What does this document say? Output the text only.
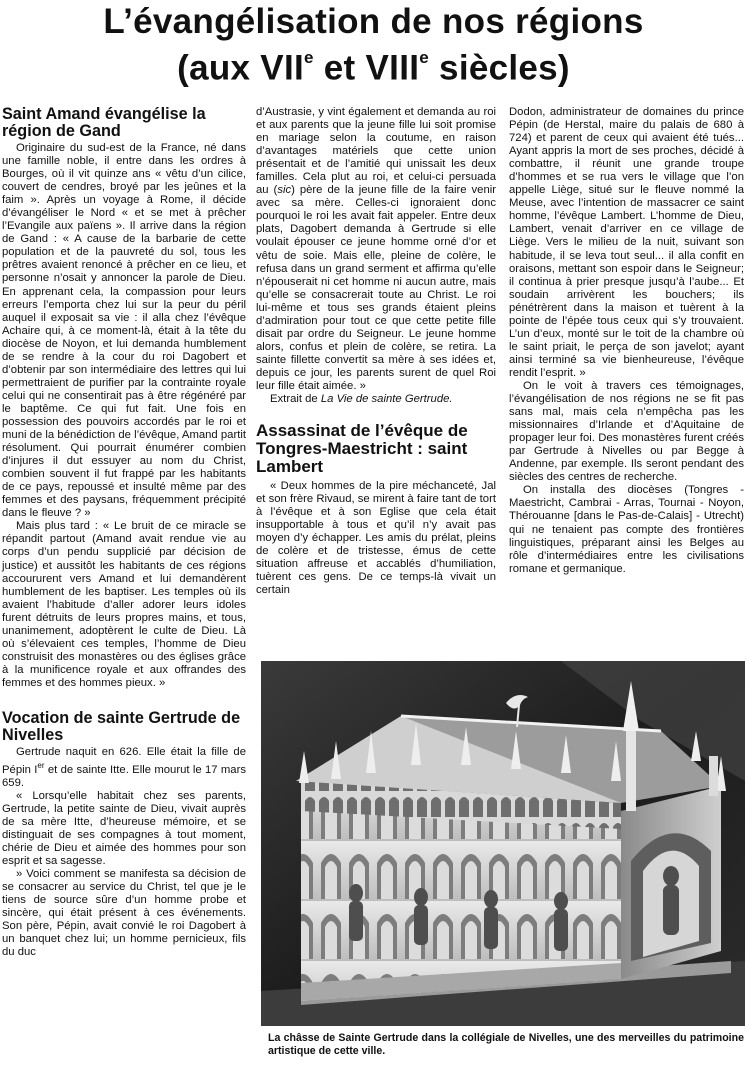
L’évangélisation de nos régions
(aux VIIe et VIIIe siècles)
Saint Amand évangélise la région de Gand

Originaire du sud-est de la France, né dans une famille noble, il entre dans les ordres à Bourges, où il vit quinze ans « vêtu d’un cilice, couvert de cendres, broyé par les jeûnes et la faim ». Après un voyage à Rome, il décide d’évangéliser le Nord « et se met à prêcher l’Evangile aux païens ». Il arrive dans la région de Gand : « A cause de la barbarie de cette population et de la pauvreté du sol, tous les prêtres avaient renoncé à prêcher en ce lieu, et personne n’osait y annoncer la parole de Dieu. En apprenant cela, la compassion pour leurs erreurs l’emporta chez lui sur la peur du péril auquel il exposait sa vie : il alla chez l’évêque Achaire qui, à ce moment-là, était à la tête du diocèse de Noyon, et lui demanda humblement de se rendre à la cour du roi Dagobert et d’obtenir par son intermédiaire des lettres qui lui permettraient de purifier par la contrainte royale celui qui ne consentirait pas à être régénéré par le baptême. Ce qui fut fait. Une fois en possession des pouvoirs accordés par le roi et muni de la bénédiction de l’évêque, Amand partit résolument. Qui pourrait énumérer combien d’injures il dut essuyer au nom du Christ, combien souvent il fut frappé par les habitants de ce pays, repoussé et insulté même par des femmes et des paysans, fréquemment précipité dans le fleuve ? »

Mais plus tard : « Le bruit de ce miracle se répandit partout (Amand avait rendue vie au corps d’un pendu supplicié par décision de justice) et aussitôt les habitants de ces régions accoururent vers Amand et lui demandèrent humblement de les baptiser. Les temples où ils avaient l’habitude d’aller adorer leurs idoles furent détruits de leurs propres mains, et tous, unanimement, adoptèrent le culte de Dieu. Là où s’élevaient ces temples, l’homme de Dieu construisit des monastères ou des églises grâce à la munificence royale et aux offrandes des femmes et des hommes pieux. »

Vocation de sainte Gertrude de Nivelles

Gertrude naquit en 626. Elle était la fille de Pépin Ier et de sainte Itte. Elle mourut le 17 mars 659.

« Lorsqu’elle habitait chez ses parents, Gertrude, la petite sainte de Dieu, vivait auprès de sa mère Itte, d’heureuse mémoire, et se distinguait de ses compagnes à tout moment, chérie de Dieu et aimée des hommes pour son esprit et sa sagesse.

» Voici comment se manifesta sa décision de se consacrer au service du Christ, tel que je le tiens de source sûre d’un homme probe et sincère, qui était présent à ces événements. Son père, Pépin, avait convié le roi Dagobert à un banquet chez lui; un homme pernicieux, fils du duc

d’Austrasie, y vint également et demanda au roi et aux parents que la jeune fille lui soit promise en mariage selon la coutume, en raison d’avantages matériels que cette union présentait et de l’amitié qui unissait les deux familles. Cela plut au roi, et celui-ci persuada au (sic) père de la jeune fille de la faire venir avec sa mère. Celles-ci ignoraient donc pourquoi le roi les avait fait appeler. Entre deux plats, Dagobert demanda à Gertrude si elle voulait épouser ce jeune homme orné d’or et vêtu de soie. Mais elle, pleine de colère, le refusa dans un grand serment et affirma qu’elle n’épouserait ni cet homme ni aucun autre, mais qu’elle se consacrerait toute au Christ. Le roi lui-même et tous ses grands étaient pleins d’admiration pour tout ce que cette petite fille disait par ordre du Seigneur. Le jeune homme alors, confus et plein de colère, se retira. La sainte fillette convertit sa mère à ses idées et, depuis ce jour, les parents surent de quel Roi leur fille était aimée. »

Extrait de La Vie de sainte Gertrude.

Assassinat de l’évêque de Tongres-Maestricht : saint Lambert

« Deux hommes de la pire méchanceté, Jal et son frère Rivaud, se mirent à faire tant de tort à l’évêque et à son Eglise que cela était insupportable à tous et qu’il n’y avait pas moyen d’y échapper. Les amis du prélat, pleins de colère et de tristesse, émus de cette situation affreuse et accablés d’humiliation, tuèrent ces gens. De ce temps-là vivait un certain

Dodon, administrateur de domaines du prince Pépin (de Herstal, maire du palais de 680 à 724) et parent de ceux qui avaient été tués... Ayant appris la mort de ses proches, décidé à combattre, il réunit une grande troupe d’hommes et se rua vers le village que l’on appelle Liège, situé sur le fleuve nommé la Meuse, avec l’intention de massacrer ce saint homme, l’évêque Lambert. L’homme de Dieu, Lambert, venait d’arriver en ce village de Liège. Vers le milieu de la nuit, suivant son habitude, il se leva tout seul... il alla confit en oraisons, mettant son espoir dans le Seigneur; il continua à prier presque jusqu’à l’aube... Et soudain arrivèrent les bouchers; ils pénétrèrent dans la maison et tuèrent à la pointe de l’épée tous ceux qui s’y trouvaient. L’un d’eux, monté sur le toit de la chambre où le saint priait, le perça de son javelot; ayant ainsi terminé sa vie bienheureuse, l’évêque rendit l’esprit. »

On le voit à travers ces témoignages, l’évangélisation de nos régions ne se fit pas sans mal, mais cela n’empêcha pas les missionnaires d’Irlande et d’Aquitaine de propager leur foi. Des monastères furent créés par Gertrude à Nivelles ou par Begge à Andenne, par exemple. Ils seront pendant des siècles des centres de recherche.

On installa des diocèses (Tongres - Maestricht, Cambrai - Arras, Tournai - Noyon, Thérouanne [dans le Pas-de-Calais] - Utrecht) qui ne tenaient pas compte des frontières linguistiques, préparant ainsi les Belges au rôle d’intermédiaires entre les civilisations romane et germanique.

La châsse de Sainte Gertrude dans la collégiale de Nivelles, une des merveilles du patrimoine artistique de cette ville.
